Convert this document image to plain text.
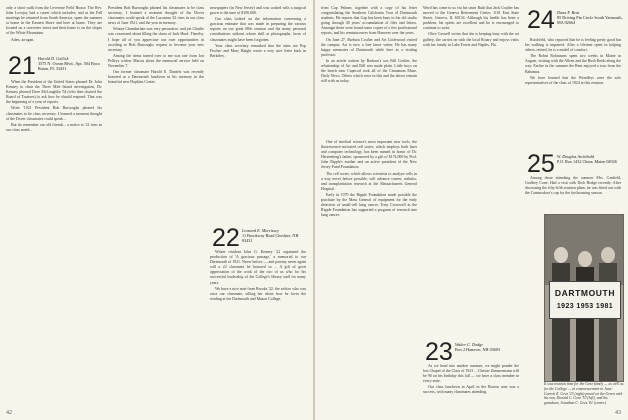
only a short walk from the Leverone Field House. The Rev. John Lovejoy had a career which includes, and at the Fall meetings he returned from South America, spent the summer at home in the Eastern Shore and here at home. They are located on a converter street and their home is on the slopes of the White Mountains.

Aden, arrogan.

21 Harold D. Gollick
3575 N. Ocean Blvd., Apt. 504 Boca Raton, FL 33431

When the President of the United States phoned Dr. John Kenney to chair the Three Mile Island investigation, Dr. Kenney phoned Dave McLaughlin '54 (who then chaired the Board of Trustees) to ask how he should respond. That was the beginning of a year of reports.

Write '1921 President Bob Burroughs phoned his classmates to be class secretary. I learned a moment thought of the Dover classmates could speak...

But do remember our old friends... a notice to '21 rises in our class noted...

President Bob Burroughs phoned his classmates to be class secretary. I learned a moment thought of the Dover classmates could speak of the Lucanian '22 rises in our class news of June 1921, and the year in memory.

Winnie Chamberlain was very persuasive, and yet Charlie was concerned about filling the shoes of Jack Hurd. Thereby, I hope all of you appreciate our own opportunities in acceding to Bob Burroughs request to become your new secretary.

Among the items turned over to me was one from Jon Pelleys widow Marcia about the memorial service held on November 7.

Our former classmate Harold E. Daniels was recently honored at a Dartmouth luncheon in his memory in the beautiful new Hopkins Center.

newspapers (in New Jersey) and was socked with a surgical gown to the tune of $100,000.

Our class looked on the information concerning a gracious estimate that was made in preparing the various reports on our great 60th reunion and the many personal contributions without whose skill at photographs, faces of classmates might have been forgotten.

Your class secretary remarked that the rains are Pop Fischer and Mary Haight wrote a very nice letter back in Berkeley.

22 Leonard E. Morrissey
11 Brookway Road Cheshire, NH 03431

Winter resident John G. Kenney '22 organized the production of 'A gracious passage,' a memorial to our Dartmouth of 1921. Never before — and parenty never again will a 22 classmate be honored so ... A gift of great appreciation of the work of the two of us who for his successful leadership of the College's library staff for many years.

We have a nice note from Brooks '22, the widow who was once our classmate, telling her about how he loves the reading at the Dartmouth and Mason College.

42

from Cap Palmer, together with a copy of his letter congratulating the Southern California Tour of Dartmouth students. He reports that Cap has been busy in his old studio going through 40 years' accumulation of files and letters. Amongst these were found some copies of a few professional reports, and his reminiscences from Hanover over the years.

On June 27, Barbara Coulter and Art Littlewood visited the campus. Art is now a free lance writer. He has many happy memories of Dartmouth while here as a visiting professor.

In an article written by Barbara's son Bill Coulter, the relationship of Art and Bill was made plain. Little boys on the beach near Capecod took all of the Cinnamon Maze, Daily News. Others which were in this and the above remain still with us today.

One of medical science's most important new tools, the fluorescence-activated cell sorter, which employs both laser and computer technology, has been named in honor of Dr. Herzenberg's father, sponsored by a gift of $174,000 by Prof. John Ripple's mother and an active president of the New Jersey Fund Foundation.

The cell sorter, which allows scientists to analyze cells in a way never before possible, will advance cancer, arthritis, and transplantation research at the Massachusetts General Hospital.

Early in 1979 the Ripple Foundation made possible the purchase by the Mass General of equipment for the early detection of small-cell lung cancer. Tony Crosswell in the Ripple Foundation has supported a program of research into lung cancer.

Word has come to us via his sister Ruth that Jack Coulter has moved to the Geneva Retirement Center, 1101 East State Street, Geneva, IL 60134. Although his health has been a problem, his spirits are excellent and he is encouraged to continue to write.

Olive Caswell writes that she is keeping busy with the art gallery, she carries on with the local Rotary and enjoys visits with her family in Lake Forest and Naples, Fla.

23 Walter C. Dodge
Box 2 Hanover, NH 03603

As we head into another summer, we might ponder the lost Chapel of the Class of 1923 ... Chester Zimmermann will be 90 on his birthday this fall — we have a class member in every state.

Our class luncheon in April in the Boston area was a success, with many classmates attending.

24 Dana F. Bent
85 Driving Pin Circle South Yarmouth, MA 02664

Rotchfeld, who reported that he is feeling pretty good but his walking is impaired. After a lifetime spent in helping others, retired, he is a model of comfort.

The Robin Robinsons spent two weeks in Maine in August, visiting with the Allens and the Bush Reids along the way. Earlier in the summer the Bent enjoyed a tour from the Bahamas.

We have learned that the Wendleys were the sole representatives of the class of 1924 at this reunion.

25 W. Douglas Archibald
P.O. Box 1432 China, Maine 04926

Among those attending the summer Mrs. Canfield, Godfrey Cone. Had a visit with Dick Hodge recently. After discussing the fifty-fifth reunion plans, he was fitted out with the Commodore's cap for the forthcoming season.

DARTMOUTH
1923 1953 1981
It was reunion time for the Geez family — as well as for the College — at commencement in June: Garrett E. Geez '23 (right) posed on the Green with his son, Donald C. Geez '53 (left), and his grandson, Jonathan C. Geez '81 (center).
43
